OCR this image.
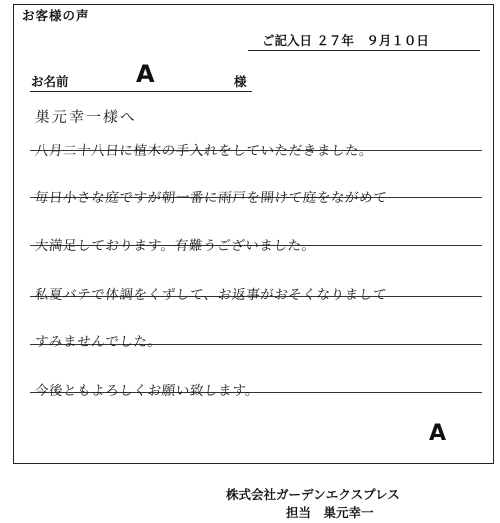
お客様の声
ご記入日 ２７年　９月１０日
お名前	A	様
巣元幸一様へ
八月二十八日に植木の手入れをしていただきました。
毎日小さな庭ですが朝一番に雨戸を開けて庭をながめて
大満足しております。有難うございました。
私夏バテで体調をくずして、お返事がおそくなりまして
すみませんでした。
今後ともよろしくお願い致します。
A
株式会社ガーデンエクスプレス
担当　巣元幸一
